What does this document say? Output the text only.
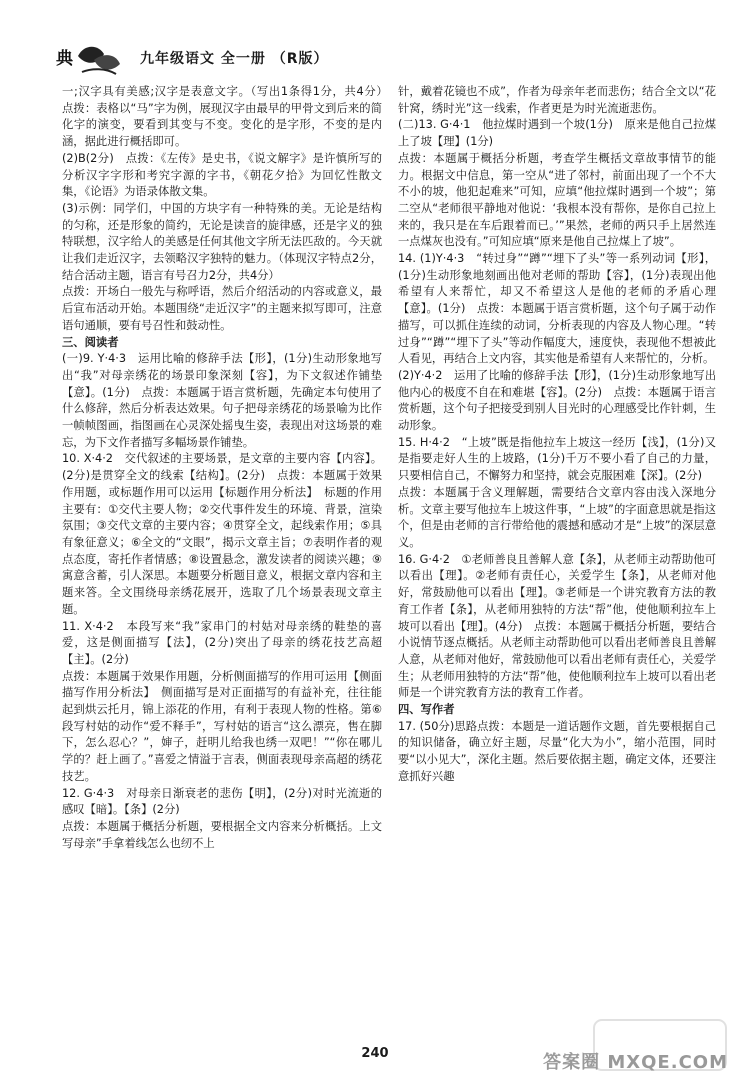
典	九年级语文 全一册 （R版）

一;汉字具有美感;汉字是表意文字。（写出1条得1分，共4分）　点拨：表格以“马”字为例，展现汉字由最早的甲骨文到后来的简化字的演变，要看到其变与不变。变化的是字形，不变的是内涵，据此进行概括即可。

(2)B(2分)　点拨：《左传》是史书，《说文解字》是许慎所写的分析汉字字形和考究字源的字书，《朝花夕拾》为回忆性散文集，《论语》为语录体散文集。

(3)示例：同学们，中国的方块字有一种特殊的美。无论是结构的匀称，还是形象的简约，无论是读音的旋律感，还是字义的独特联想，汉字给人的美感是任何其他文字所无法匹敌的。今天就让我们走近汉字，去领略汉字独特的魅力。（体现汉字特点2分，结合活动主题，语言有号召力2分，共4分）

点拨：开场白一般先与称呼语，然后介绍活动的内容或意义，最后宣布活动开始。本题围绕“走近汉字”的主题来拟写即可，注意语句通顺，要有号召性和鼓动性。

三、阅读者

(一)9. Y·4·3　运用比喻的修辞手法【形】，(1分)生动形象地写出“我”对母亲绣花的场景印象深刻【容】，为下文叙述作铺垫【意】。(1分)　点拨：本题属于语言赏析题，先确定本句使用了什么修辞，然后分析表达效果。句子把母亲绣花的场景喻为比作一帧帧图画，指图画在心灵深处摇曳生姿，表现出对这场景的难忘，为下文作者描写多幅场景作铺垫。

10. X·4·2　交代叙述的主要场景，是文章的主要内容【内容】。(2分)是贯穿全文的线索【结构】。(2分)　点拨：本题属于效果作用题，或标题作用可以运用【标题作用分析法】　标题的作用主要有：①交代主要人物；②交代事件发生的环境、背景，渲染氛围；③交代文章的主要内容；④贯穿全文，起线索作用；⑤具有象征意义；⑥全文的“文眼”，揭示文章主旨；⑦表明作者的观点态度，寄托作者情感；⑧设置悬念，激发读者的阅读兴趣；⑨寓意含蓄，引人深思。本题要分析题目意义，根据文章内容和主题来答。全文围绕母亲绣花展开，选取了几个场景表现文章主题。

11. X·4·2　本段写来“我”家串门的村姑对母亲绣的鞋垫的喜爱，这是侧面描写【法】，(2分)突出了母亲的绣花技艺高超【主】。(2分)

点拨：本题属于效果作用题，分析侧面描写的作用可运用【侧面描写作用分析法】　侧面描写是对正面描写的有益补充，往往能起到烘云托月，锦上添花的作用，有利于表现人物的性格。第⑥段写村姑的动作“爱不释手”，写村姑的语言“这么漂亮，售在脚下，怎么忍心？”，婶子，赶明儿给我也绣一双吧！”“你在哪儿学的？赶上画了。”喜爱之情溢于言表，侧面表现母亲高超的绣花技艺。

12. G·4·3　对母亲日渐衰老的悲伤【明】，(2分)对时光流逝的感叹【暗】。【条】(2分)

点拨：本题属于概括分析题，要根据全文内容来分析概括。上文写母亲”手拿着线怎么也纫不上

针，戴着花镜也不成”，作者为母亲年老而悲伤；结合全文以“花针窝，绣时光”这一线索，作者更是为时光流逝悲伤。

(二)13. G·4·1　他拉煤时遇到一个坡(1分)　原来是他自己拉煤上了坡【理】(1分)

点拨：本题属于概括分析题，考查学生概括文章故事情节的能力。根据文中信息，第一空从“进了邻村，前面出现了一个不大不小的坡，他犯起难来”可知，应填“他拉煤时遇到一个坡”；第二空从“老师很平静地对他说：‘我根本没有帮你，是你自己拉上来的，我只是在车后跟着而已。’”果然，老师的两只手上居然连一点煤灰也没有。”可知应填“原来是他自己拉煤上了坡”。

14. (1)Y·4·3　“转过身”“蹲”“埋下了头”等一系列动词【形】，(1分)生动形象地刻画出他对老师的帮助【容】，(1分)表现出他希望有人来帮忙，却又不希望这人是他的老师的矛盾心理【意】。(1分)　点拨：本题属于语言赏析题，这个句子属于动作描写，可以抓住连续的动词，分析表现的内容及人物心理。“转过身”“蹲”“埋下了头”等动作幅度大，速度快，表现他不想被此人看见，再结合上文内容，其实他是希望有人来帮忙的，分析。

(2)Y·4·2　运用了比喻的修辞手法【形】，(1分)生动形象地写出他内心的极度不自在和难堪【容】。(2分)　点拨：本题属于语言赏析题，这个句子把接受到别人目光时的心理感受比作针刺，生动形象。

15. H·4·2　“上坡”既是指他拉车上坡这一经历【浅】，(1分)又是指要走好人生的上坡路，(1分)千万不要小看了自己的力量，只要相信自己，不懈努力和坚持，就会克服困难【深】。(2分)

点拨：本题属于含义理解题，需要结合文章内容由浅入深地分析。文章主要写他拉车上坡这件事，“上坡”的字面意思就是指这个，但是由老师的言行带给他的震撼和感动才是“上坡”的深层意义。

16. G·4·2　①老师善良且善解人意【条】，从老师主动帮助他可以看出【理】。②老师有责任心，关爱学生【条】，从老师对他好，常鼓励他可以看出【理】。③老师是一个讲究教育方法的教育工作者【条】，从老师用独特的方法“帮”他，使他顺利拉车上坡可以看出【理】。(4分)　点拨：本题属于概括分析题，要结合小说情节逐点概括。从老师主动帮助他可以看出老师善良且善解人意，从老师对他好，常鼓励他可以看出老师有责任心，关爱学生；从老师用独特的方法“帮”他，使他顺利拉车上坡可以看出老师是一个讲究教育方法的教育工作者。

四、写作者

17. (50分)思路点拨：本题是一道话题作文题，首先要根据自己的知识储备，确立好主题，尽量“化大为小”，缩小范围，同时要“以小见大”，深化主题。然后要依据主题，确定文体，还要注意抓好兴趣

240	答案圈 MXQE.COM
